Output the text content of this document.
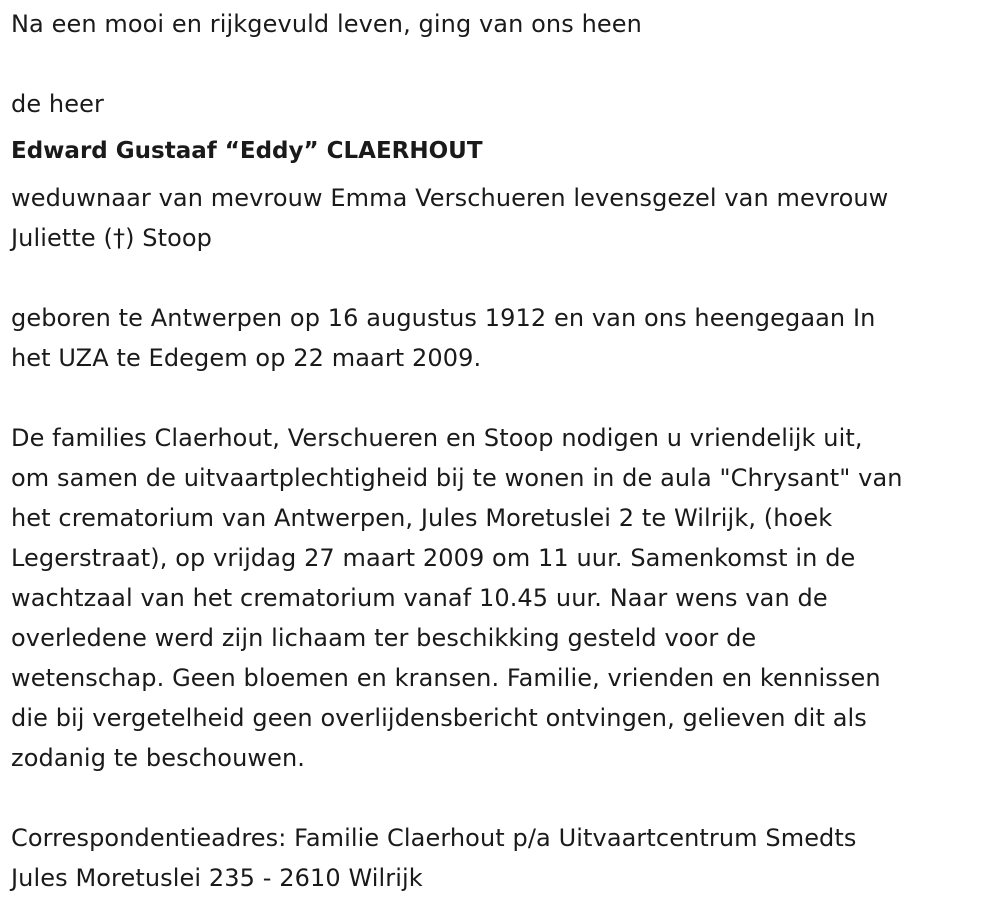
Na een mooi en rijkgevuld leven, ging van ons heen
de heer
Edward Gustaaf “Eddy” CLAERHOUT
weduwnaar van mevrouw Emma Verschueren levensgezel van mevrouw
Juliette (†) Stoop
geboren te Antwerpen op 16 augustus 1912 en van ons heengegaan In
het UZA te Edegem op 22 maart 2009.
De families Claerhout, Verschueren en Stoop nodigen u vriendelijk uit,
om samen de uitvaartplechtigheid bij te wonen in de aula "Chrysant" van
het crematorium van Antwerpen, Jules Moretuslei 2 te Wilrijk, (hoek
Legerstraat), op vrijdag 27 maart 2009 om 11 uur. Samenkomst in de
wachtzaal van het crematorium vanaf 10.45 uur. Naar wens van de
overledene werd zijn lichaam ter beschikking gesteld voor de
wetenschap. Geen bloemen en kransen. Familie, vrienden en kennissen
die bij vergetelheid geen overlijdensbericht ontvingen, gelieven dit als
zodanig te beschouwen.
Correspondentieadres: Familie Claerhout p/a Uitvaartcentrum Smedts
Jules Moretuslei 235 - 2610 Wilrijk
